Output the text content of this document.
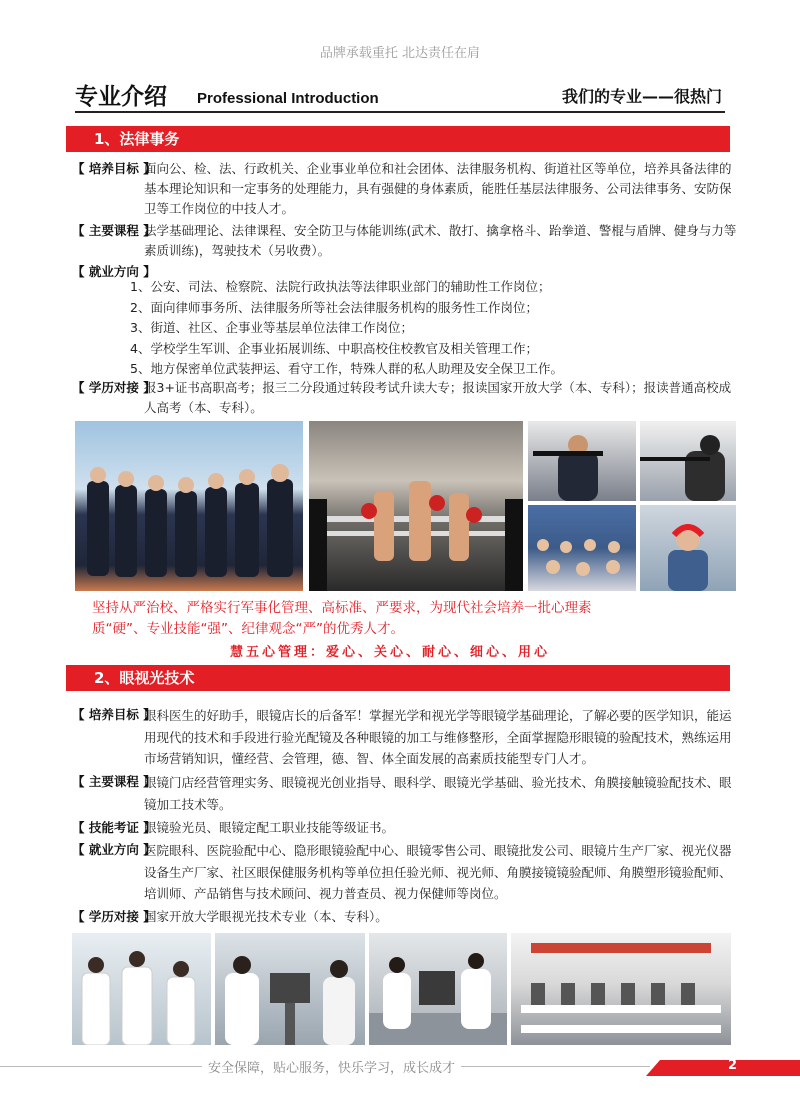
品牌承载重托 北达责任在肩
专业介绍 Professional Introduction	我们的专业——很热门
1、法律事务
【 培养目标 】
面向公、检、法、行政机关、企业事业单位和社会团体、法律服务机构、街道社区等单位，培养具备法律的基本理论知识和一定事务的处理能力，具有强健的身体素质，能胜任基层法律服务、公司法律事务、安防保卫等工作岗位的中技人才。
【 主要课程 】
法学基础理论、法律课程、安全防卫与体能训练(武术、散打、擒拿格斗、跆拳道、警棍与盾牌、健身与力等素质训练)，驾驶技术（另收费）。
【 就业方向 】
1、公安、司法、检察院、法院行政执法等法律职业部门的辅助性工作岗位；
2、面向律师事务所、法律服务所等社会法律服务机构的服务性工作岗位；
3、街道、社区、企事业等基层单位法律工作岗位；
4、学校学生军训、企事业拓展训练、中职高校住校教官及相关管理工作；
5、地方保密单位武装押运、看守工作，特殊人群的私人助理及安全保卫工作。
【 学历对接 】
报3+证书高职高考；报三二分段通过转段考试升读大专；报读国家开放大学（本、专科）；报读普通高校成人高考（本、专科）。
坚持从严治校、严格实行军事化管理、高标准、严要求，为现代社会培养一批心理素
质“硬”、专业技能“强”、纪律观念“严”的优秀人才。
慧五心管理：爱心、关心、耐心、细心、用心
2、眼视光技术
【 培养目标 】
眼科医生的好助手，眼镜店长的后备军！掌握光学和视光学等眼镜学基础理论，了解必要的医学知识，能运用现代的技术和手段进行验光配镜及各种眼镜的加工与维修整形，全面掌握隐形眼镜的验配技术，熟练运用市场营销知识，懂经营、会管理，德、智、体全面发展的高素质技能型专门人才。
【 主要课程 】
眼镜门店经营管理实务、眼镜视光创业指导、眼科学、眼镜光学基础、验光技术、角膜接触镜验配技术、眼镜加工技术等。
【 技能考证 】
眼镜验光员、眼镜定配工职业技能等级证书。
【 就业方向 】
医院眼科、医院验配中心、隐形眼镜验配中心、眼镜零售公司、眼镜批发公司、眼镜片生产厂家、视光仪器设备生产厂家、社区眼保健服务机构等单位担任验光师、视光师、角膜接镜镜验配师、角膜塑形镜验配师、培训师、产品销售与技术顾问、视力普查员、视力保健师等岗位。
【 学历对接 】
国家开放大学眼视光技术专业（本、专科）。
安全保障，贴心服务，快乐学习，成长成才	2
